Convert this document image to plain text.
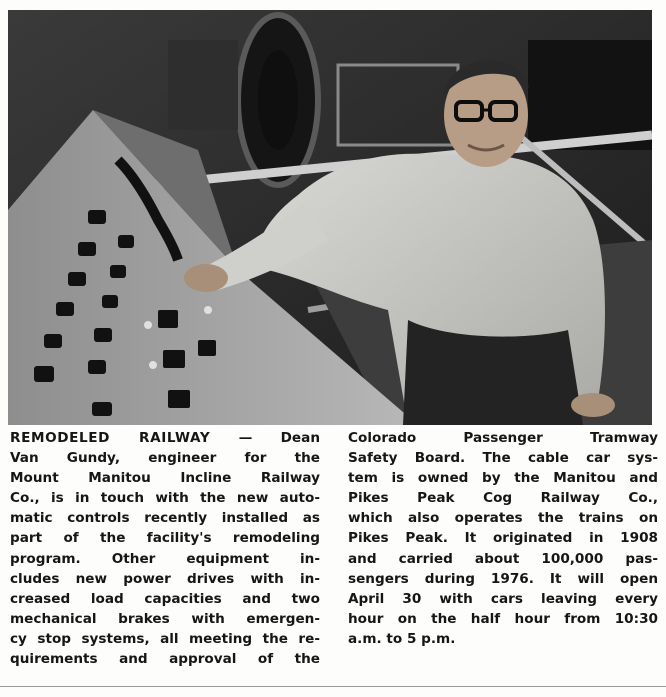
REMODELED RAILWAY — Dean
Van Gundy, engineer for the
Mount Manitou Incline Railway
Co., is in touch with the new auto-
matic controls recently installed as
part of the facility's remodeling
program. Other equipment in-
cludes new power drives with in-
creased load capacities and two
mechanical brakes with emergen-
cy stop systems, all meeting the re-
quirements and approval of the
Colorado Passenger Tramway
Safety Board. The cable car sys-
tem is owned by the Manitou and
Pikes Peak Cog Railway Co.,
which also operates the trains on
Pikes Peak. It originated in 1908
and carried about 100,000 pas-
sengers during 1976. It will open
April 30 with cars leaving every
hour on the half hour from 10:30
a.m. to 5 p.m.
